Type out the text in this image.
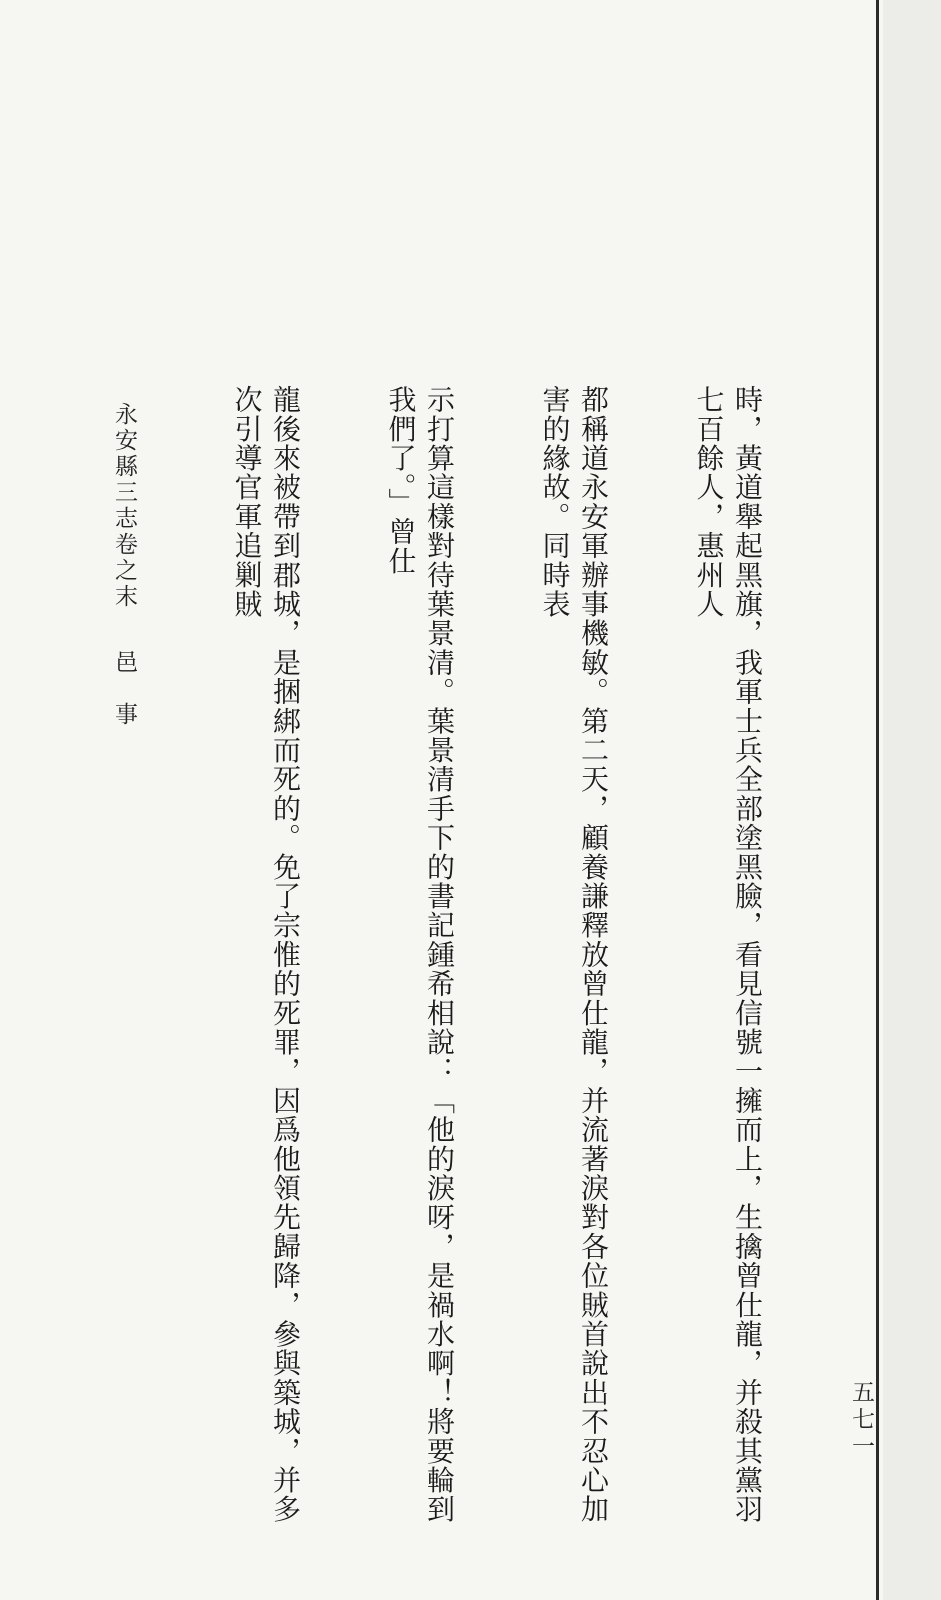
時，黃道舉起黑旗，我軍士兵全部塗黑臉，看見信號一擁而上，生擒曾仕龍，并殺其黨羽七百餘人，惠州人

都稱道永安軍辦事機敏。第二天，顧養謙釋放曾仕龍，并流著淚對各位賊首說出不忍心加害的緣故。同時表

示打算這樣對待葉景清。葉景清手下的書記鍾希相說：「他的淚呀，是禍水啊！將要輪到我們了。」曾仕

龍後來被帶到郡城，是捆綁而死的。免了宗惟的死罪，因爲他領先歸降，參與築城，并多次引導官軍追剿賊

永安縣三志卷之末邑　事
五七一
